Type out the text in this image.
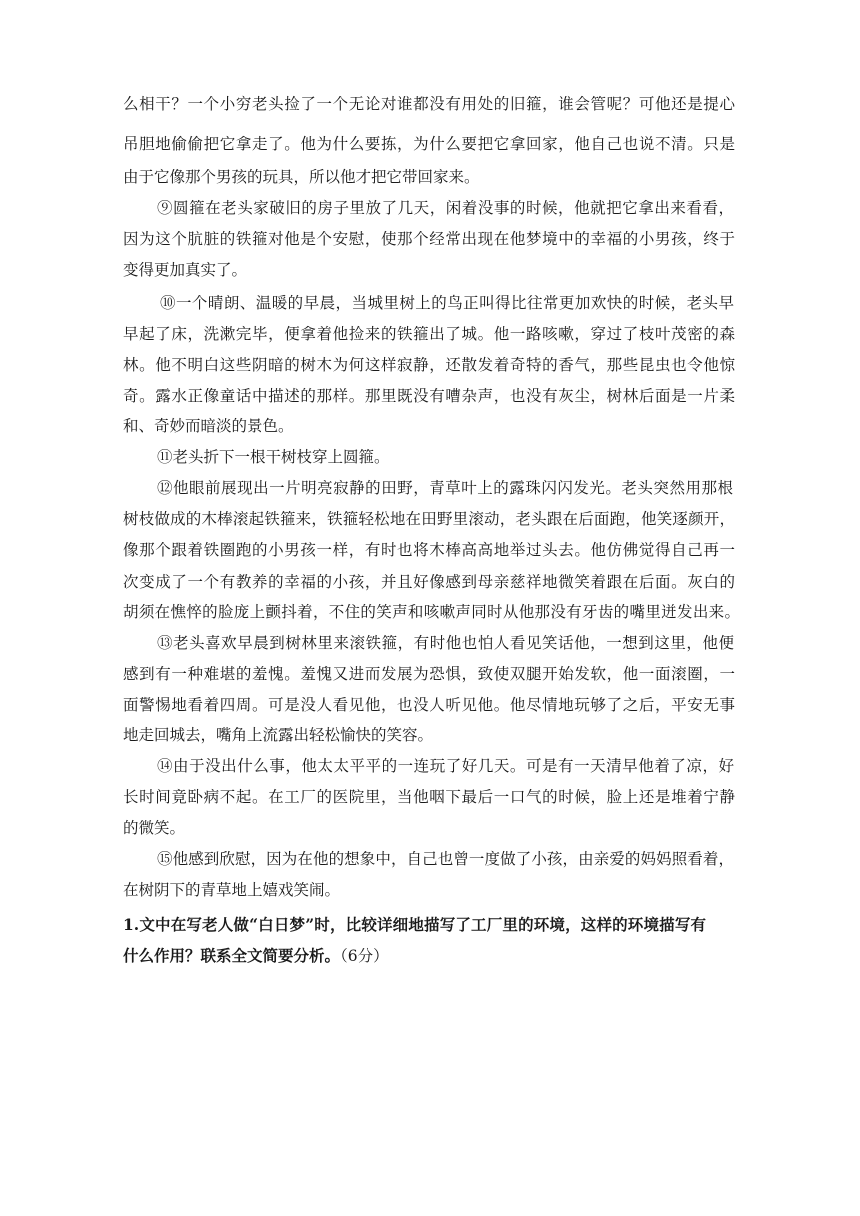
么相干？一个小穷老头捡了一个无论对谁都没有用处的旧箍，谁会管呢？可他还是提心
吊胆地偷偷把它拿走了。他为什么要拣，为什么要把它拿回家，他自己也说不清。只是
由于它像那个男孩的玩具，所以他才把它带回家来。
⑨圆箍在老头家破旧的房子里放了几天，闲着没事的时候，他就把它拿出来看看，
因为这个肮脏的铁箍对他是个安慰，使那个经常出现在他梦境中的幸福的小男孩，终于
变得更加真实了。
⑩一个晴朗、温暖的早晨，当城里树上的鸟正叫得比往常更加欢快的时候，老头早
早起了床，洗漱完毕，便拿着他捡来的铁箍出了城。他一路咳嗽，穿过了枝叶茂密的森
林。他不明白这些阴暗的树木为何这样寂静，还散发着奇特的香气，那些昆虫也令他惊
奇。露水正像童话中描述的那样。那里既没有嘈杂声，也没有灰尘，树林后面是一片柔
和、奇妙而暗淡的景色。
⑪老头折下一根干树枝穿上圆箍。
⑫他眼前展现出一片明亮寂静的田野，青草叶上的露珠闪闪发光。老头突然用那根
树枝做成的木棒滚起铁箍来，铁箍轻松地在田野里滚动，老头跟在后面跑，他笑逐颜开，
像那个跟着铁圈跑的小男孩一样，有时也将木棒高高地举过头去。他仿佛觉得自己再一
次变成了一个有教养的幸福的小孩，并且好像感到母亲慈祥地微笑着跟在后面。灰白的
胡须在憔悴的脸庞上颤抖着，不住的笑声和咳嗽声同时从他那没有牙齿的嘴里迸发出来。
⑬老头喜欢早晨到树林里来滚铁箍，有时他也怕人看见笑话他，一想到这里，他便
感到有一种难堪的羞愧。羞愧又进而发展为恐惧，致使双腿开始发软，他一面滚圈，一
面警惕地看着四周。可是没人看见他，也没人听见他。他尽情地玩够了之后，平安无事
地走回城去，嘴角上流露出轻松愉快的笑容。
⑭由于没出什么事，他太太平平的一连玩了好几天。可是有一天清早他着了凉，好
长时间竟卧病不起。在工厂的医院里，当他咽下最后一口气的时候，脸上还是堆着宁静
的微笑。
⑮他感到欣慰，因为在他的想象中，自己也曾一度做了小孩，由亲爱的妈妈照看着，
在树阴下的青草地上嬉戏笑闹。
1.文中在写老人做“白日梦”时，比较详细地描写了工厂里的环境，这样的环境描写有
什么作用？联系全文简要分析。（6分）
